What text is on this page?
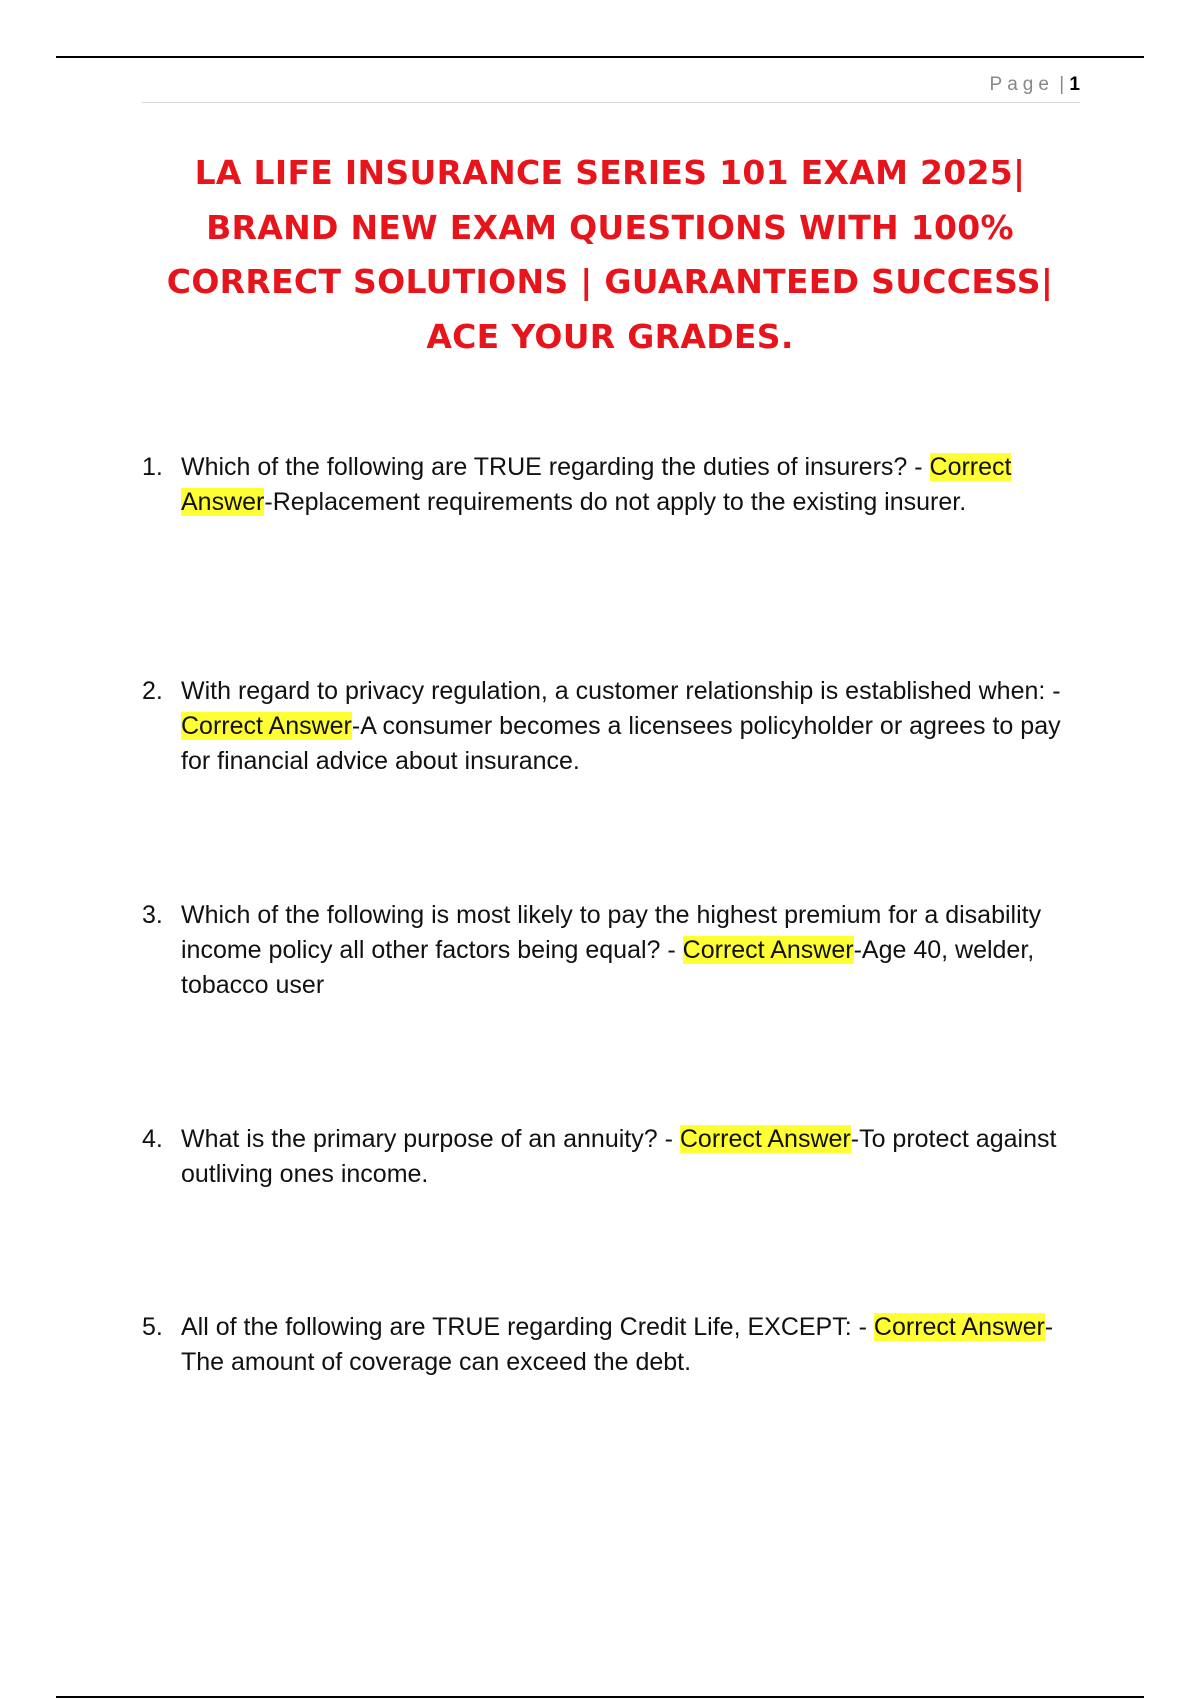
Page | 1
LA LIFE INSURANCE SERIES 101 EXAM 2025| BRAND NEW EXAM QUESTIONS WITH 100% CORRECT SOLUTIONS | GUARANTEED SUCCESS| ACE YOUR GRADES.
1. Which of the following are TRUE regarding the duties of insurers? - Correct Answer-Replacement requirements do not apply to the existing insurer.
2. With regard to privacy regulation, a customer relationship is established when: - Correct Answer-A consumer becomes a licensees policyholder or agrees to pay for financial advice about insurance.
3. Which of the following is most likely to pay the highest premium for a disability income policy all other factors being equal? - Correct Answer-Age 40, welder, tobacco user
4. What is the primary purpose of an annuity? - Correct Answer-To protect against outliving ones income.
5. All of the following are TRUE regarding Credit Life, EXCEPT: - Correct Answer-The amount of coverage can exceed the debt.
